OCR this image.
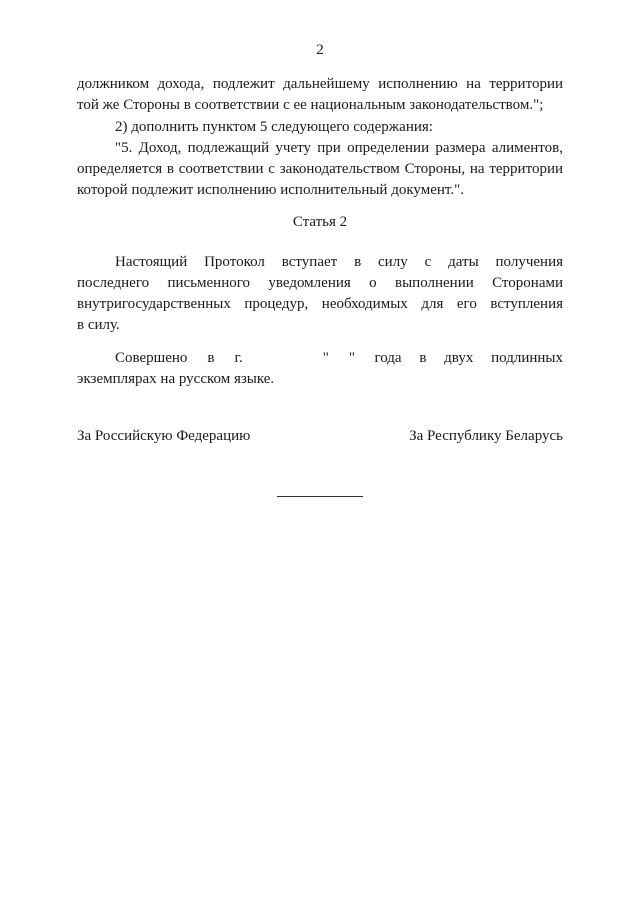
2
должником дохода, подлежит дальнейшему исполнению на территории
той же Стороны в соответствии с ее национальным законодательством.";
2) дополнить пунктом 5 следующего содержания:
"5. Доход, подлежащий учету при определении размера алиментов,
определяется в соответствии с законодательством Стороны, на территории
которой подлежит исполнению исполнительный документ.".
Статья 2
Настоящий Протокол вступает в силу с даты получения
последнего письменного уведомления о выполнении Сторонами
внутригосударственных процедур, необходимых для его вступления
в силу.
Совершено в г.	" "	года в двух подлинных
экземплярах на русском языке.
За Российскую Федерацию	За Республику Беларусь
